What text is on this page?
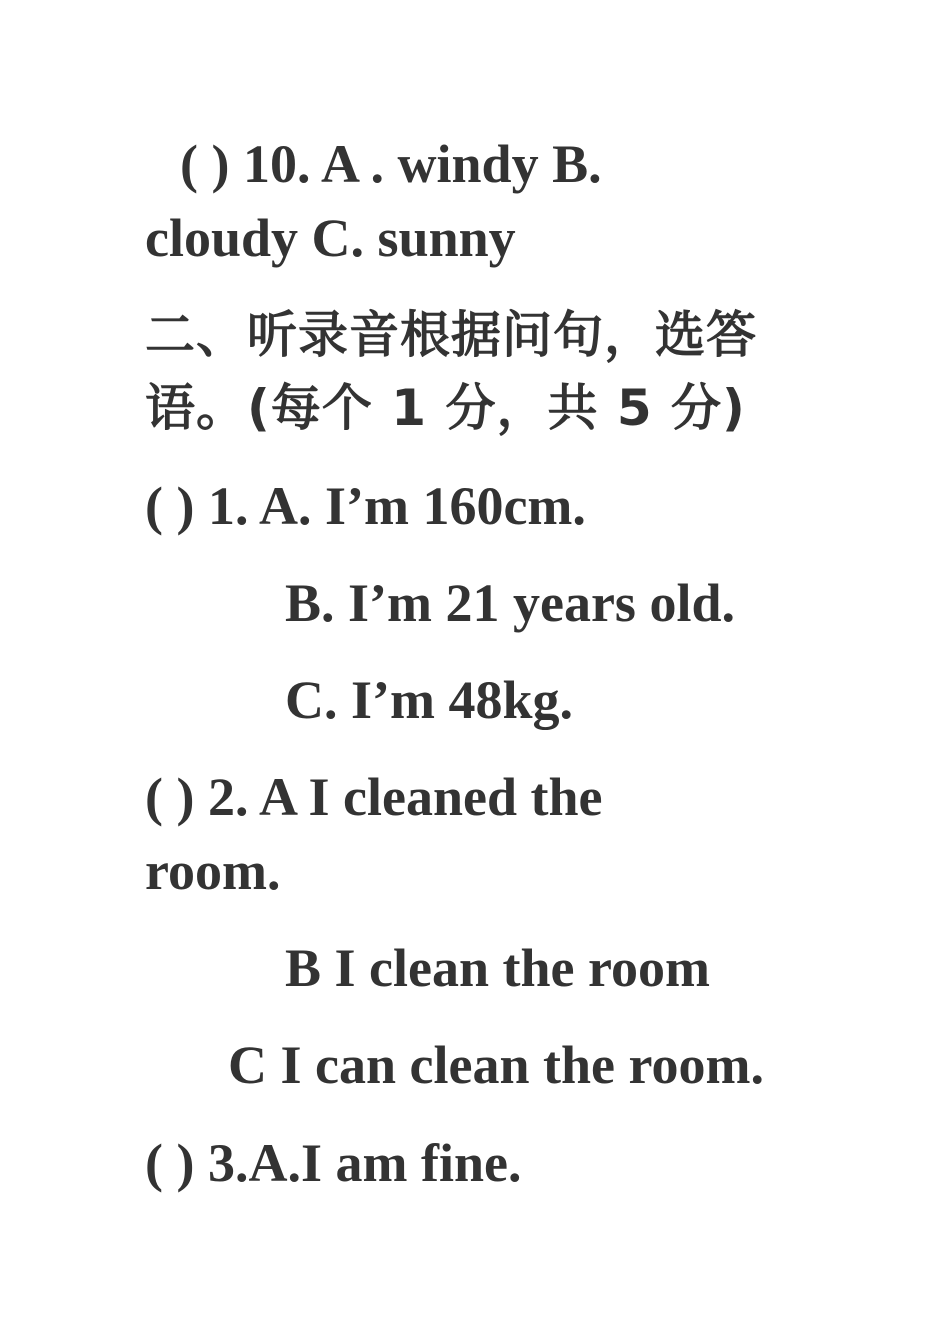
( ) 10. A . windy B.

cloudy C. sunny

二、听录音根据问句，选答

语。(每个 1 分，共 5 分)

( ) 1. A. I’m 160cm.

B. I’m 21 years old.

C. I’m 48kg.

( ) 2. A I cleaned the

room.

B I clean the room

C I can clean the room.

( ) 3.A.I am fine.
